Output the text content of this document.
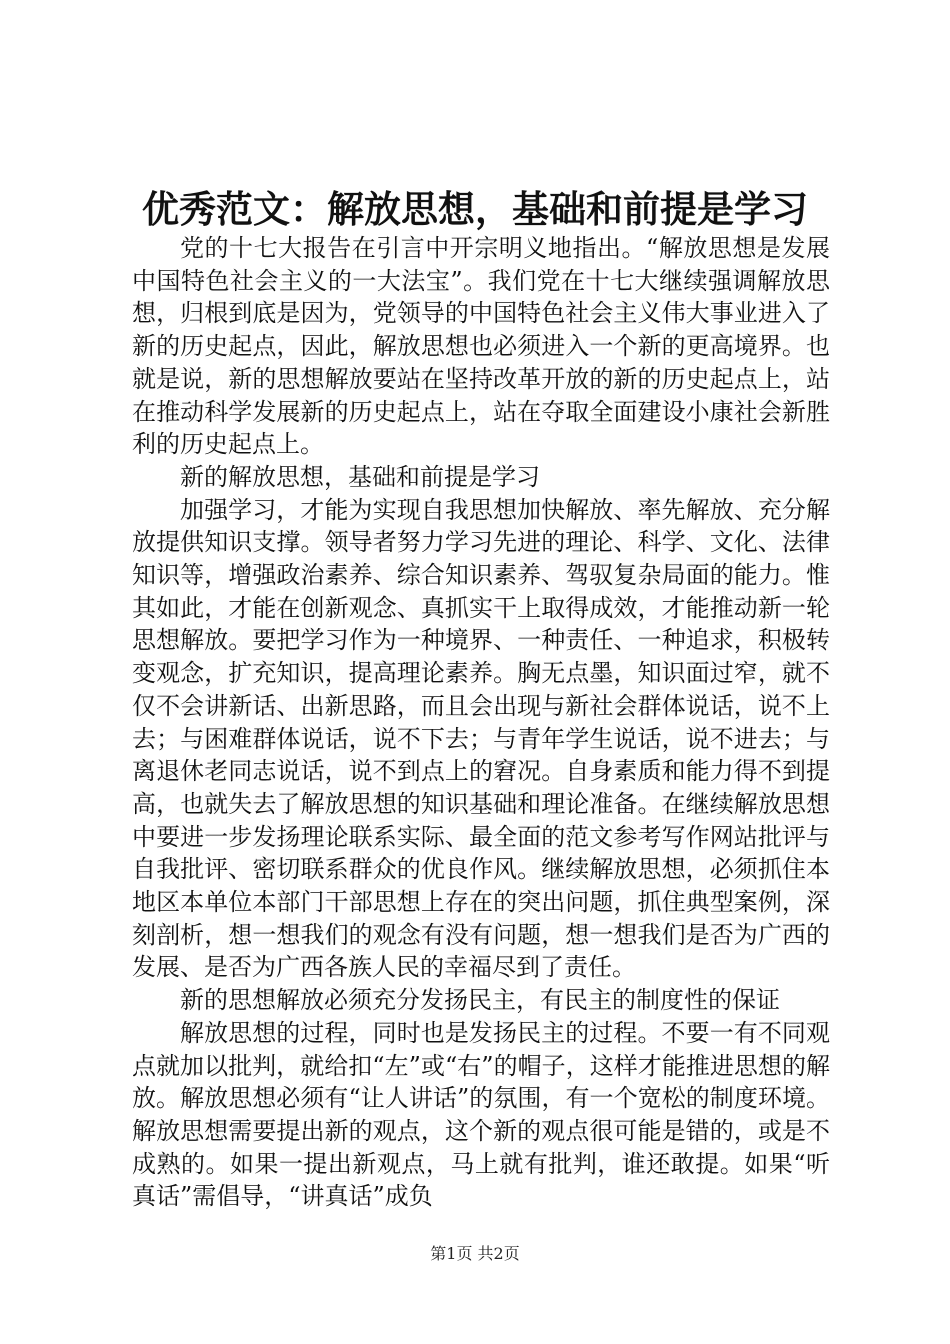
优秀范文：解放思想，基础和前提是学习

党的十七大报告在引言中开宗明义地指出。“解放思想是发展中国特色社会主义的一大法宝”。我们党在十七大继续强调解放思想，归根到底是因为，党领导的中国特色社会主义伟大事业进入了新的历史起点，因此，解放思想也必须进入一个新的更高境界。也就是说，新的思想解放要站在坚持改革开放的新的历史起点上，站在推动科学发展新的历史起点上，站在夺取全面建设小康社会新胜利的历史起点上。

新的解放思想，基础和前提是学习

加强学习，才能为实现自我思想加快解放、率先解放、充分解放提供知识支撑。领导者努力学习先进的理论、科学、文化、法律知识等，增强政治素养、综合知识素养、驾驭复杂局面的能力。惟其如此，才能在创新观念、真抓实干上取得成效，才能推动新一轮思想解放。要把学习作为一种境界、一种责任、一种追求，积极转变观念，扩充知识，提高理论素养。胸无点墨，知识面过窄，就不仅不会讲新话、出新思路，而且会出现与新社会群体说话，说不上去；与困难群体说话，说不下去；与青年学生说话，说不进去；与离退休老同志说话，说不到点上的窘况。自身素质和能力得不到提高，也就失去了解放思想的知识基础和理论准备。在继续解放思想中要进一步发扬理论联系实际、最全面的范文参考写作网站批评与自我批评、密切联系群众的优良作风。继续解放思想，必须抓住本地区本单位本部门干部思想上存在的突出问题，抓住典型案例，深刻剖析，想一想我们的观念有没有问题，想一想我们是否为广西的发展、是否为广西各族人民的幸福尽到了责任。

新的思想解放必须充分发扬民主，有民主的制度性的保证

解放思想的过程，同时也是发扬民主的过程。不要一有不同观点就加以批判，就给扣“左”或“右”的帽子，这样才能推进思想的解放。解放思想必须有“让人讲话”的氛围，有一个宽松的制度环境。解放思想需要提出新的观点，这个新的观点很可能是错的，或是不成熟的。如果一提出新观点，马上就有批判，谁还敢提。如果“听真话”需倡导，“讲真话”成负

第1页 共2页
